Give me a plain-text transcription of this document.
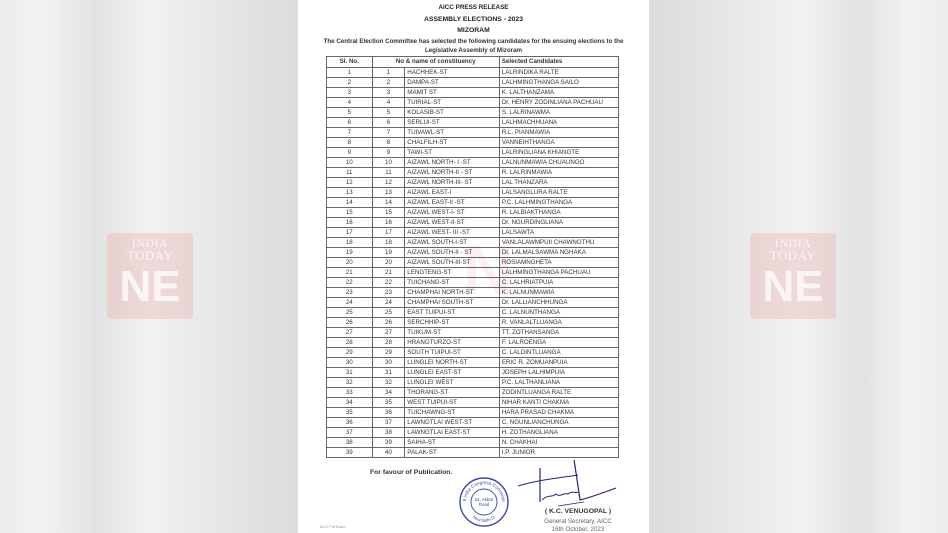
INDIA
TODAY
NE
INDIA
TODAY
NE
N
AICC PRESS RELEASE
ASSEMBLY ELECTIONS - 2023
MIZORAM
The Central Election Committee has selected the following candidates for the ensuing elections to the Legislative Assembly of Mizoram
Sl. No.	No & name of constituency		Selected Candidates
1	1	HACHHEK-ST	LALRINDIKA RALTE
2	2	DAMPA-ST	LALHMINGTHANGA SAILO
3	3	MAMIT ST	K. LALTHANZAMA
4	4	TUIRIAL-ST	Dr. HENRY ZODINLIANA PACHUAU
5	5	KOLASIB-ST	S. LALRINAWMA
6	6	SERLUI-ST	LALHMACHHUANA
7	7	TUIVAWL-ST	R.L. PIANMAWIA
8	8	CHALFILH-ST	VANNEIHTHANGA
9	9	TAWI-ST	LALRINGLIANA KHIANGTE
10	10	AIZAWL NORTH- I -ST	LALNUNMAWIA CHUAUNGO
11	11	AIZAWL NORTH-II - ST	R. LALRINMAWIA
12	12	AIZAWL NORTH-III- ST	LAL THANZARA
13	13	AIZAWL EAST-I	LALSANGLURA RALTE
14	14	AIZAWL EAST-II -ST	P.C. LALHMINGTHANGA
15	15	AIZAWL WEST-I- ST	R. LALBIAKTHANGA
16	16	AIZAWL WEST-II-ST	Dr. NGURDINGLIANA
17	17	AIZAWL WEST- III -ST	LALSAWTA
18	18	AIZAWL SOUTH-I-ST	VANLALAWMPUII CHAWNGTHU
19	19	AIZAWL SOUTH-II - ST	Dr. LALMALSAWMA NGHAKA
20	20	AIZAWL SOUTH-III-ST	ROSIAMNGHETA
21	21	LENGTENG-ST	LALHMINGTHANGA PACHUAU
22	22	TUICHANG-ST	C. LALHRIATPUIA
23	23	CHAMPHAI NORTH-ST	K. LALNUNMAWIA
24	24	CHAMPHAI SOUTH-ST	Dr. LALLIANCHHUNGA
25	25	EAST TUIPUI-ST	C. LALNUNTHANGA
26	26	SERCHHIP-ST	R. VANLALTLUANGA
27	27	TUIKUM-ST	TT. ZOTHANSANGA
28	28	HRANGTURZO-ST	F. LALROENGA
29	29	SOUTH TUIPUI-ST	C. LALDINTLUANGA
30	30	LUNGLEI NORTH-ST	ERIC R. ZOMUANPUIA
31	31	LUNGLEI EAST-ST	JOSEPH LALHIMPUIA
32	32	LUNGLEI WEST	P.C. LALTHANLIANA
33	34	THORANG-ST	ZODINTLUANGA RALTE
34	35	WEST TUIPUI-ST	NIHAR KANTI CHAKMA
35	36	TUICHAWNG-ST	HARA PRASAD CHAKMA
36	37	LAWNGTLAI WEST-ST	C. NGUNLIANCHUNGA
37	38	LAWNGTLAI EAST-ST	H. ZOTHANGLIANA
38	39	SAIHA-ST	N. CHAKHAI
39	40	PALAK-ST	I.P. JUNIOR
For favour of Publication.
ll India Congress Committe
New Delhi-11
24, Akbar
Road
( K.C. VENUGOPAL )
General Secretary, AICC
16th October, 2023
AICC Poll Board
